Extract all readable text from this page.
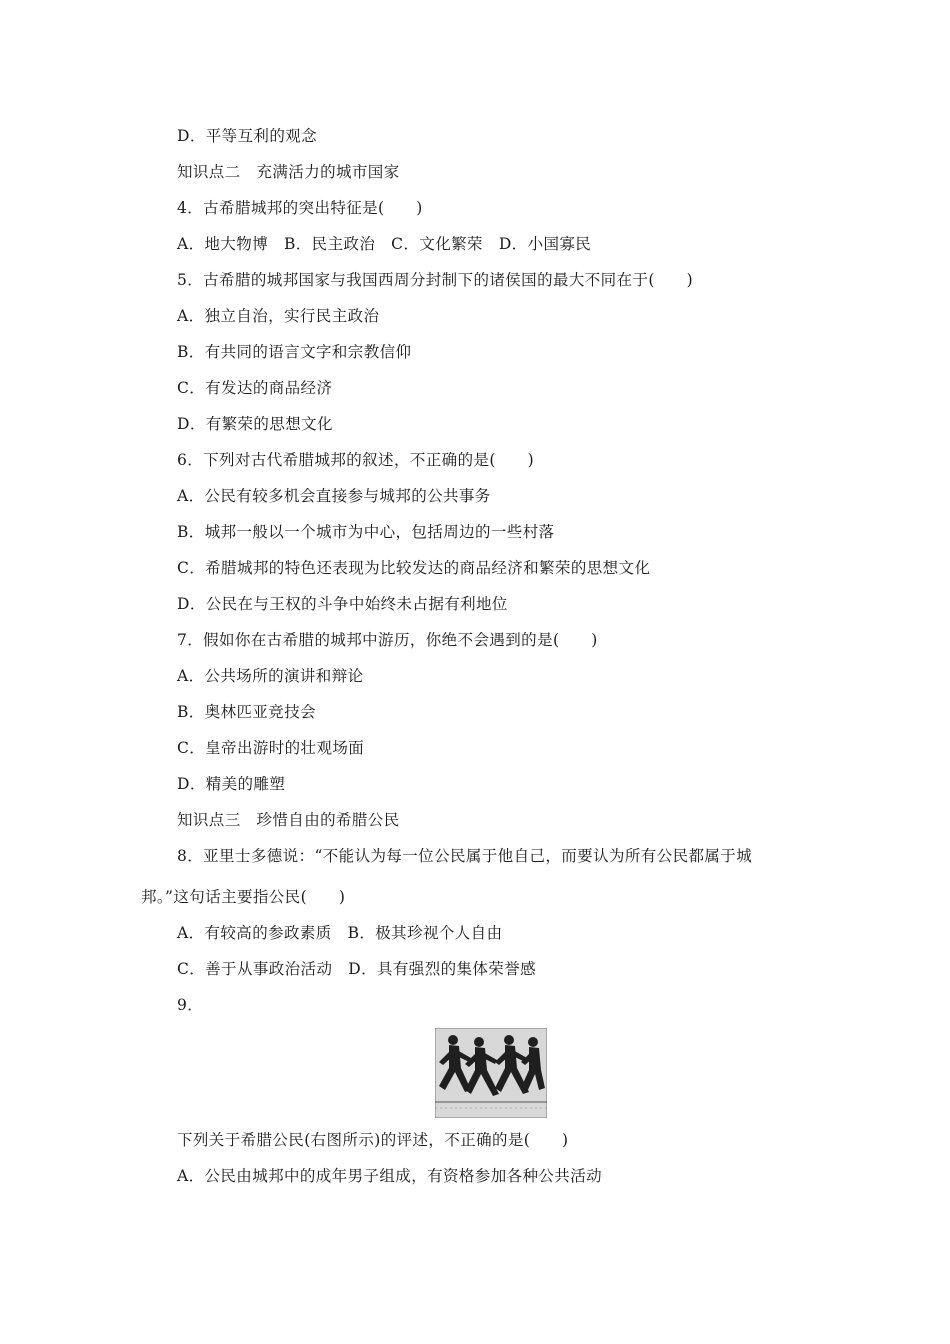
D．平等互利的观念
知识点二　充满活力的城市国家
4．古希腊城邦的突出特征是(　　)
A．地大物博　B．民主政治　C．文化繁荣　D．小国寡民
5．古希腊的城邦国家与我国西周分封制下的诸侯国的最大不同在于(　　)
A．独立自治，实行民主政治
B．有共同的语言文字和宗教信仰
C．有发达的商品经济
D．有繁荣的思想文化
6．下列对古代希腊城邦的叙述，不正确的是(　　)
A．公民有较多机会直接参与城邦的公共事务
B．城邦一般以一个城市为中心，包括周边的一些村落
C．希腊城邦的特色还表现为比较发达的商品经济和繁荣的思想文化
D．公民在与王权的斗争中始终未占据有利地位
7．假如你在古希腊的城邦中游历，你绝不会遇到的是(　　)
A．公共场所的演讲和辩论
B．奥林匹亚竞技会
C．皇帝出游时的壮观场面
D．精美的雕塑
知识点三　珍惜自由的希腊公民
8．亚里士多德说：“不能认为每一位公民属于他自己，而要认为所有公民都属于城
邦。”这句话主要指公民(　　)
A．有较高的参政素质　B．极其珍视个人自由
C．善于从事政治活动　D．具有强烈的集体荣誉感
9．
下列关于希腊公民(右图所示)的评述，不正确的是(　　)
A．公民由城邦中的成年男子组成，有资格参加各种公共活动
